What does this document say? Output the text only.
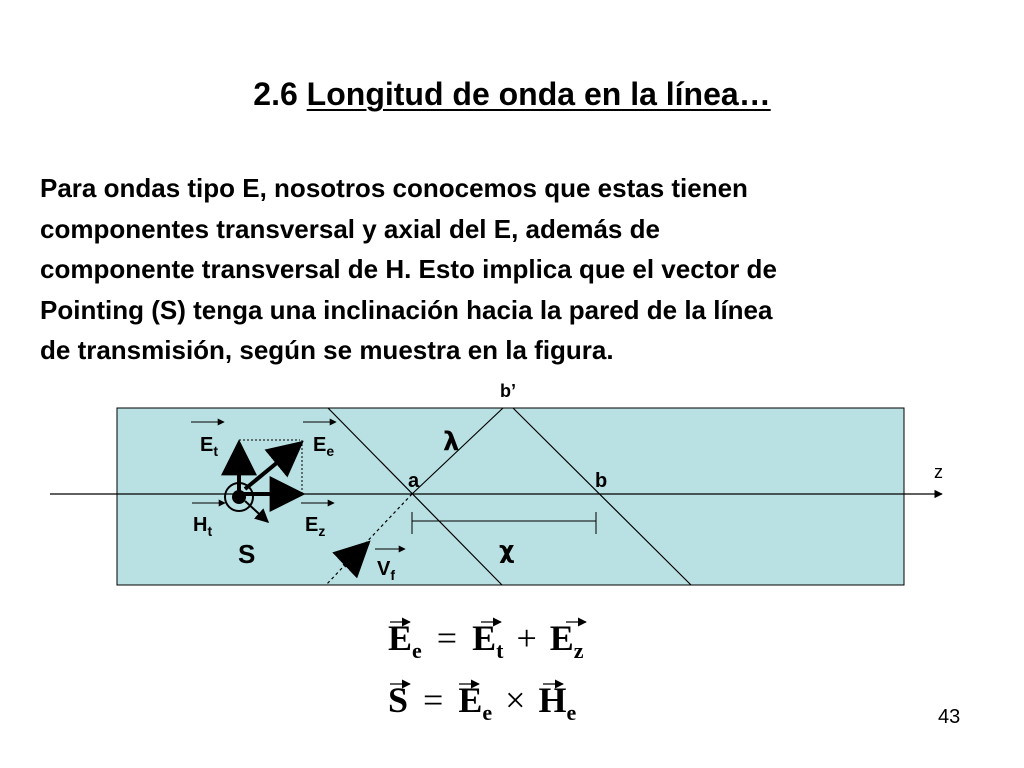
2.6 Longitud de onda en la línea…
Para ondas tipo E, nosotros conocemos que estas tienen
componentes transversal y axial del E, además de
componente transversal de H. Esto implica que el vector de
Pointing (S) tenga una inclinación hacia la pared de la línea
de transmisión, según se muestra en la figura.
b’
λ
a	b	z
χ
S
$E_t$	$E_e$
$E_z$
$H_t$
$V_f$
$E_e = E_t + E_z$
$S = E_e \times H_e$	43
